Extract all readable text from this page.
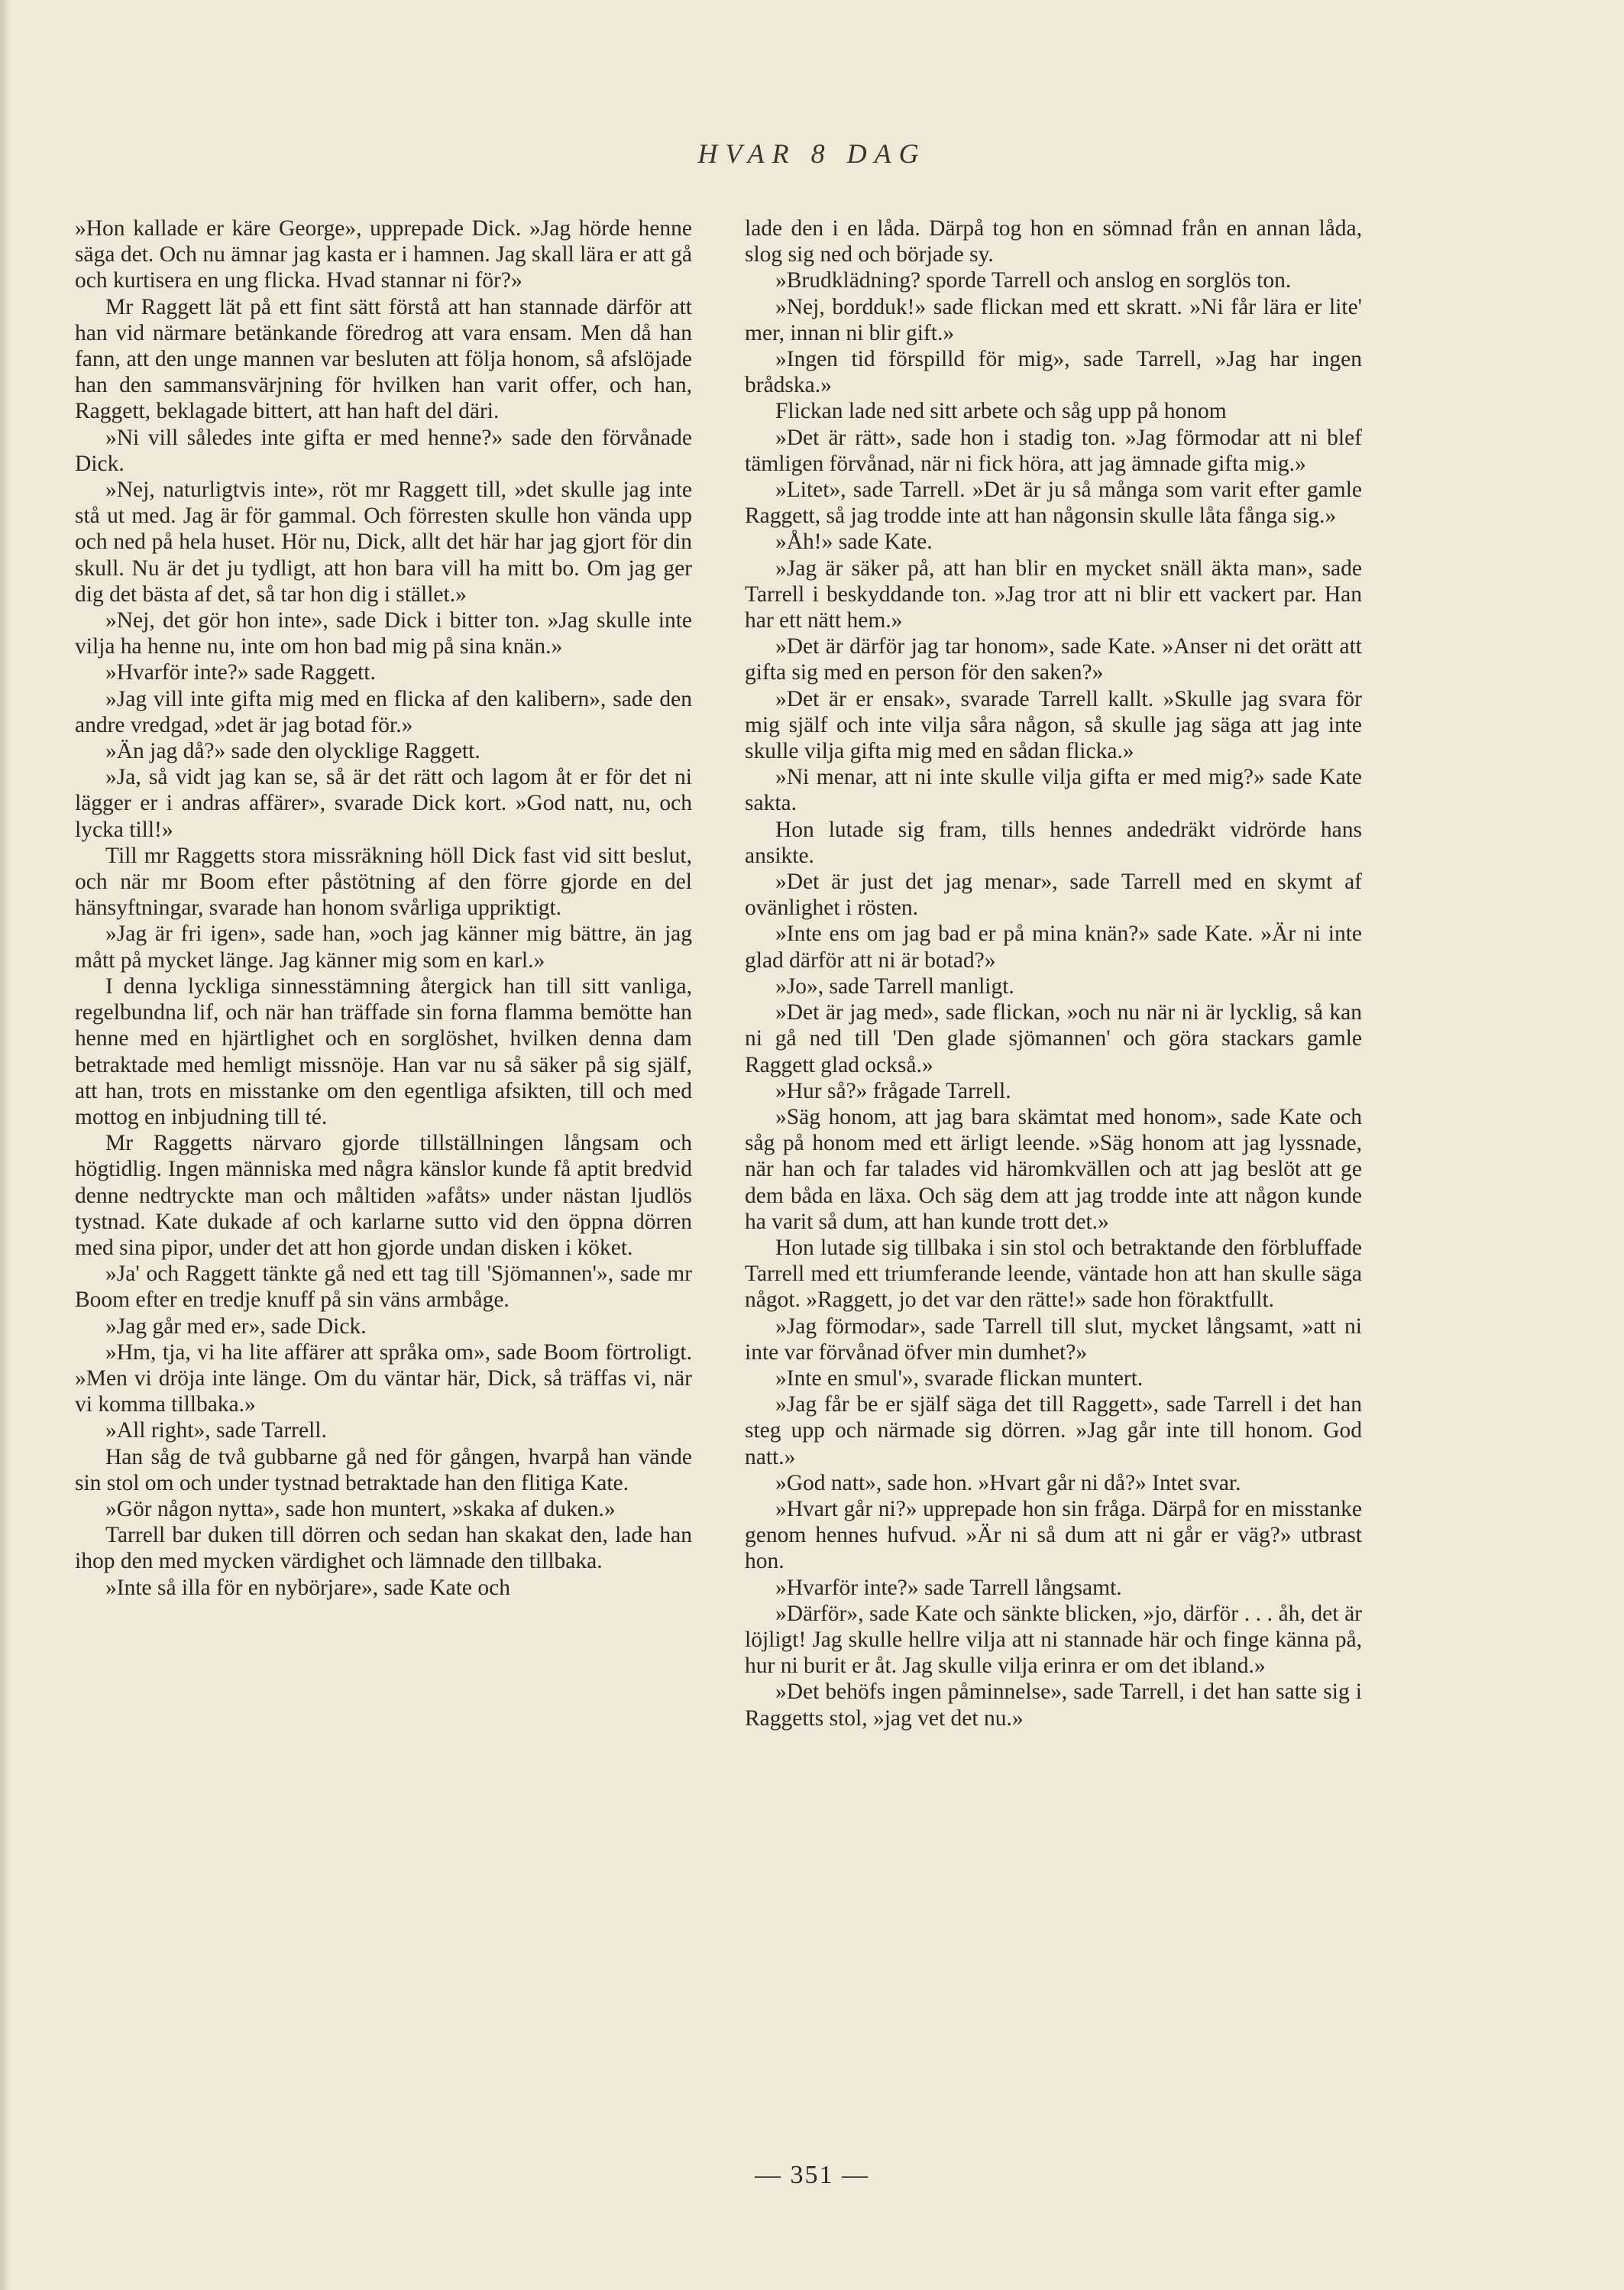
HVAR 8 DAG

»Hon kallade er käre George», upprepade Dick. »Jag hörde henne säga det. Och nu ämnar jag kasta er i hamnen. Jag skall lära er att gå och kurtisera en ung flicka. Hvad stannar ni för?»

Mr Raggett lät på ett fint sätt förstå att han stannade därför att han vid närmare betänkande föredrog att vara ensam. Men då han fann, att den unge mannen var besluten att följa honom, så afslöjade han den sammansvärjning för hvilken han varit offer, och han, Raggett, beklagade bittert, att han haft del däri.

»Ni vill således inte gifta er med henne?» sade den förvånade Dick.

»Nej, naturligtvis inte», röt mr Raggett till, »det skulle jag inte stå ut med. Jag är för gammal. Och förresten skulle hon vända upp och ned på hela huset. Hör nu, Dick, allt det här har jag gjort för din skull. Nu är det ju tydligt, att hon bara vill ha mitt bo. Om jag ger dig det bästa af det, så tar hon dig i stället.»

»Nej, det gör hon inte», sade Dick i bitter ton. »Jag skulle inte vilja ha henne nu, inte om hon bad mig på sina knän.»

»Hvarför inte?» sade Raggett.

»Jag vill inte gifta mig med en flicka af den kalibern», sade den andre vredgad, »det är jag botad för.»

»Än jag då?» sade den olycklige Raggett.

»Ja, så vidt jag kan se, så är det rätt och lagom åt er för det ni lägger er i andras affärer», svarade Dick kort. »God natt, nu, och lycka till!»

Till mr Raggetts stora missräkning höll Dick fast vid sitt beslut, och när mr Boom efter påstötning af den förre gjorde en del hänsyftningar, svarade han honom svårliga uppriktigt.

»Jag är fri igen», sade han, »och jag känner mig bättre, än jag mått på mycket länge. Jag känner mig som en karl.»

I denna lyckliga sinnesstämning återgick han till sitt vanliga, regelbundna lif, och när han träffade sin forna flamma bemötte han henne med en hjärtlighet och en sorglöshet, hvilken denna dam betraktade med hemligt missnöje. Han var nu så säker på sig själf, att han, trots en misstanke om den egentliga afsikten, till och med mottog en inbjudning till té.

Mr Raggetts närvaro gjorde tillställningen långsam och högtidlig. Ingen människa med några känslor kunde få aptit bredvid denne nedtryckte man och måltiden »afåts» under nästan ljudlös tystnad. Kate dukade af och karlarne sutto vid den öppna dörren med sina pipor, under det att hon gjorde undan disken i köket.

»Ja' och Raggett tänkte gå ned ett tag till 'Sjömannen'», sade mr Boom efter en tredje knuff på sin väns armbåge.

»Jag går med er», sade Dick.

»Hm, tja, vi ha lite affärer att språka om», sade Boom förtroligt. »Men vi dröja inte länge. Om du väntar här, Dick, så träffas vi, när vi komma tillbaka.»

»All right», sade Tarrell.

Han såg de två gubbarne gå ned för gången, hvarpå han vände sin stol om och under tystnad betraktade han den flitiga Kate.

»Gör någon nytta», sade hon muntert, »skaka af duken.»

Tarrell bar duken till dörren och sedan han skakat den, lade han ihop den med mycken värdighet och lämnade den tillbaka.

»Inte så illa för en nybörjare», sade Kate och

lade den i en låda. Därpå tog hon en sömnad från en annan låda, slog sig ned och började sy.

»Brudklädning? sporde Tarrell och anslog en sorglös ton.

»Nej, bordduk!» sade flickan med ett skratt. »Ni får lära er lite' mer, innan ni blir gift.»

»Ingen tid förspilld för mig», sade Tarrell, »Jag har ingen brådska.»

Flickan lade ned sitt arbete och såg upp på honom

»Det är rätt», sade hon i stadig ton. »Jag förmodar att ni blef tämligen förvånad, när ni fick höra, att jag ämnade gifta mig.»

»Litet», sade Tarrell. »Det är ju så många som varit efter gamle Raggett, så jag trodde inte att han någonsin skulle låta fånga sig.»

»Åh!» sade Kate.

»Jag är säker på, att han blir en mycket snäll äkta man», sade Tarrell i beskyddande ton. »Jag tror att ni blir ett vackert par. Han har ett nätt hem.»

»Det är därför jag tar honom», sade Kate. »Anser ni det orätt att gifta sig med en person för den saken?»

»Det är er ensak», svarade Tarrell kallt. »Skulle jag svara för mig själf och inte vilja såra någon, så skulle jag säga att jag inte skulle vilja gifta mig med en sådan flicka.»

»Ni menar, att ni inte skulle vilja gifta er med mig?» sade Kate sakta.

Hon lutade sig fram, tills hennes andedräkt vidrörde hans ansikte.

»Det är just det jag menar», sade Tarrell med en skymt af ovänlighet i rösten.

»Inte ens om jag bad er på mina knän?» sade Kate. »Är ni inte glad därför att ni är botad?»

»Jo», sade Tarrell manligt.

»Det är jag med», sade flickan, »och nu när ni är lycklig, så kan ni gå ned till 'Den glade sjömannen' och göra stackars gamle Raggett glad också.»

»Hur så?» frågade Tarrell.

»Säg honom, att jag bara skämtat med honom», sade Kate och såg på honom med ett ärligt leende. »Säg honom att jag lyssnade, när han och far talades vid häromkvällen och att jag beslöt att ge dem båda en läxa. Och säg dem att jag trodde inte att någon kunde ha varit så dum, att han kunde trott det.»

Hon lutade sig tillbaka i sin stol och betraktande den förbluffade Tarrell med ett triumferande leende, väntade hon att han skulle säga något. »Raggett, jo det var den rätte!» sade hon föraktfullt.

»Jag förmodar», sade Tarrell till slut, mycket långsamt, »att ni inte var förvånad öfver min dumhet?»

»Inte en smul'», svarade flickan muntert.

»Jag får be er själf säga det till Raggett», sade Tarrell i det han steg upp och närmade sig dörren. »Jag går inte till honom. God natt.»

»God natt», sade hon. »Hvart går ni då?» Intet svar.

»Hvart går ni?» upprepade hon sin fråga. Därpå for en misstanke genom hennes hufvud. »Är ni så dum att ni går er väg?» utbrast hon.

»Hvarför inte?» sade Tarrell långsamt.

»Därför», sade Kate och sänkte blicken, »jo, därför . . . åh, det är löjligt! Jag skulle hellre vilja att ni stannade här och finge känna på, hur ni burit er åt. Jag skulle vilja erinra er om det ibland.»

»Det behöfs ingen påminnelse», sade Tarrell, i det han satte sig i Raggetts stol, »jag vet det nu.»

— 351 —
